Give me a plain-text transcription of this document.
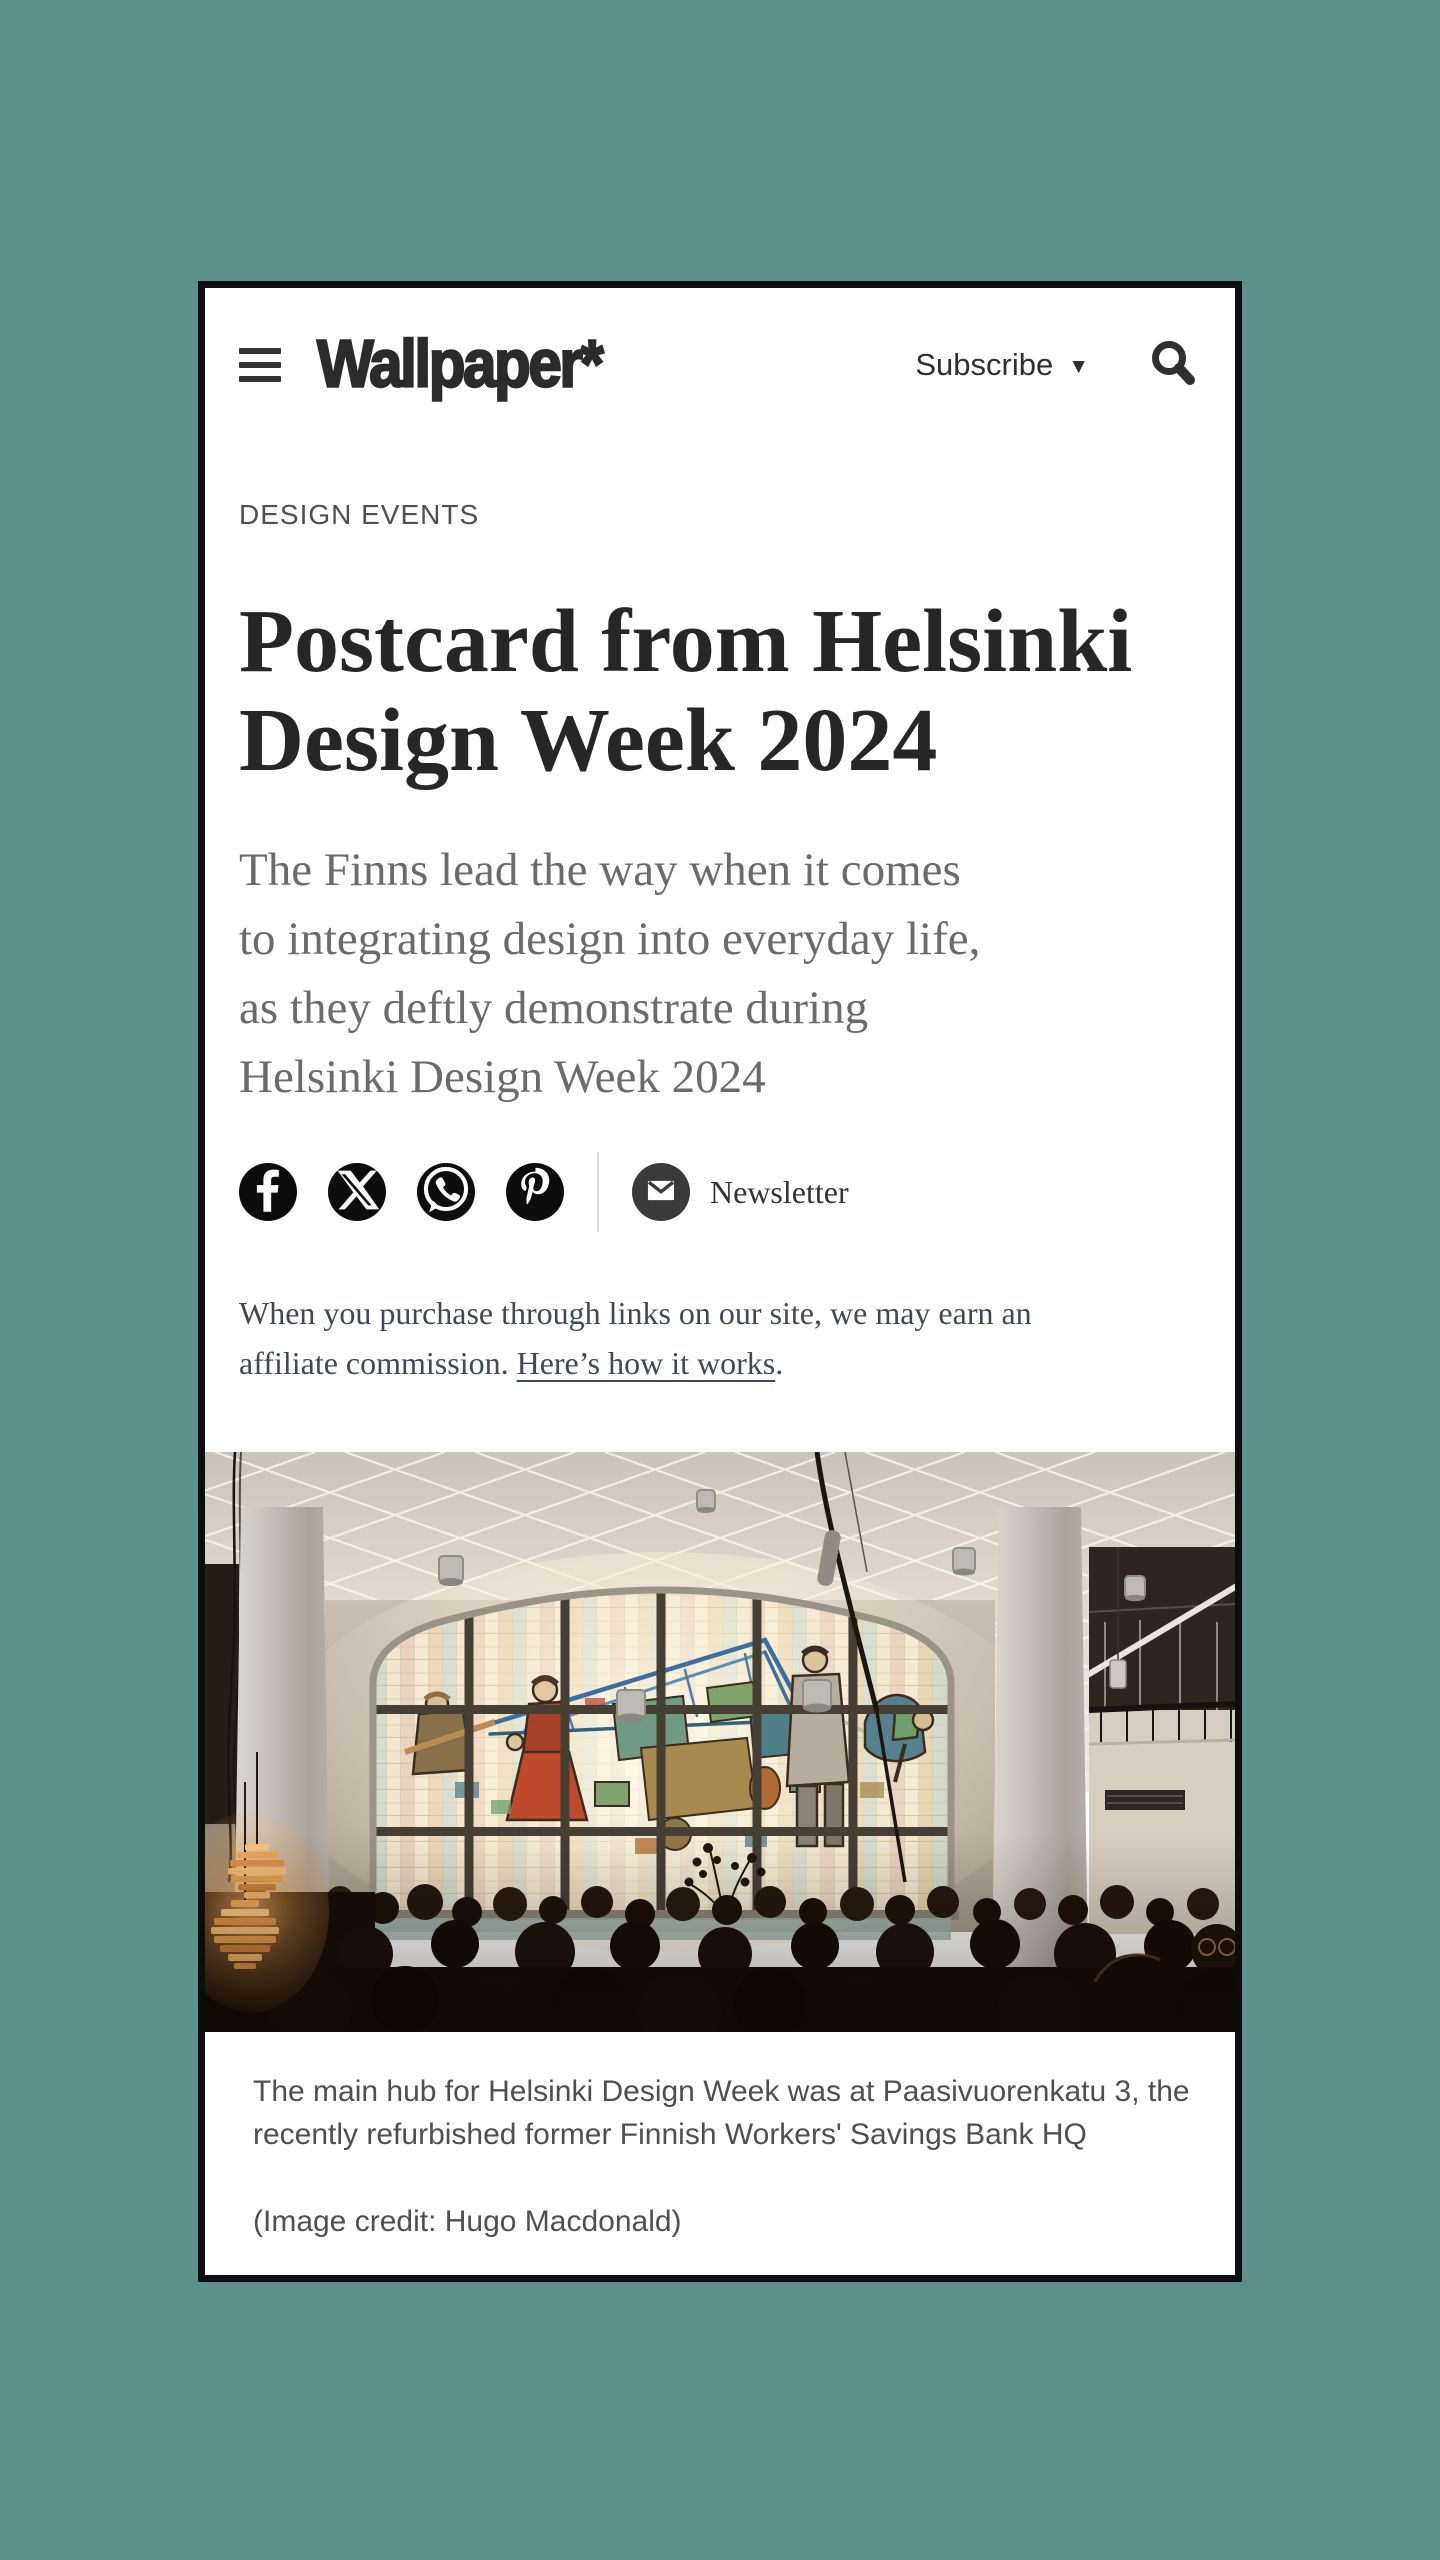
Wallpaper*	Subscribe ▼
DESIGN EVENTS
Postcard from Helsinki
Design Week 2024
The Finns lead the way when it comes
to integrating design into everyday life,
as they deftly demonstrate during
Helsinki Design Week 2024
Newsletter
When you purchase through links on our site, we may earn an
affiliate commission. Here’s how it works.
The main hub for Helsinki Design Week was at Paasivuorenkatu 3, the
recently refurbished former Finnish Workers' Savings Bank HQ
(Image credit: Hugo Macdonald)
